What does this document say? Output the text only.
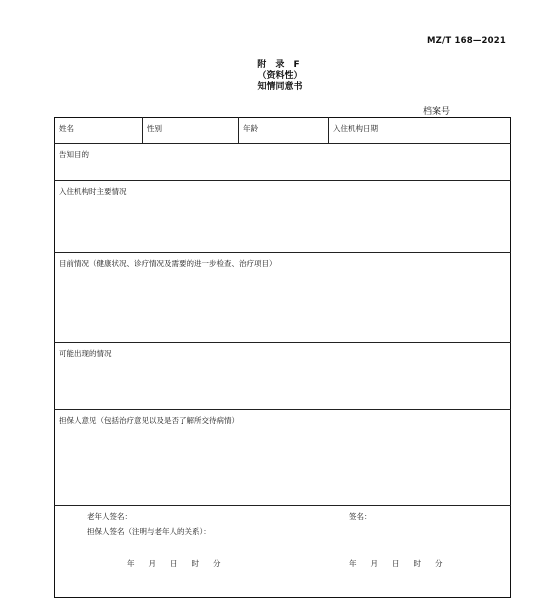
MZ/T 168—2021
附 录 F
（资料性）
知情同意书
档案号
姓名	性别	年龄	入住机构日期
告知目的
入住机构时主要情况
目前情况（健康状况、诊疗情况及需要的进一步检查、治疗项目）
可能出现的情况
担保人意见（包括治疗意见以及是否了解所交待病情）

老年人签名：	签名：
担保人签名（注明与老年人的关系）：
年 月 日 时 分	年 月 日 时 分
